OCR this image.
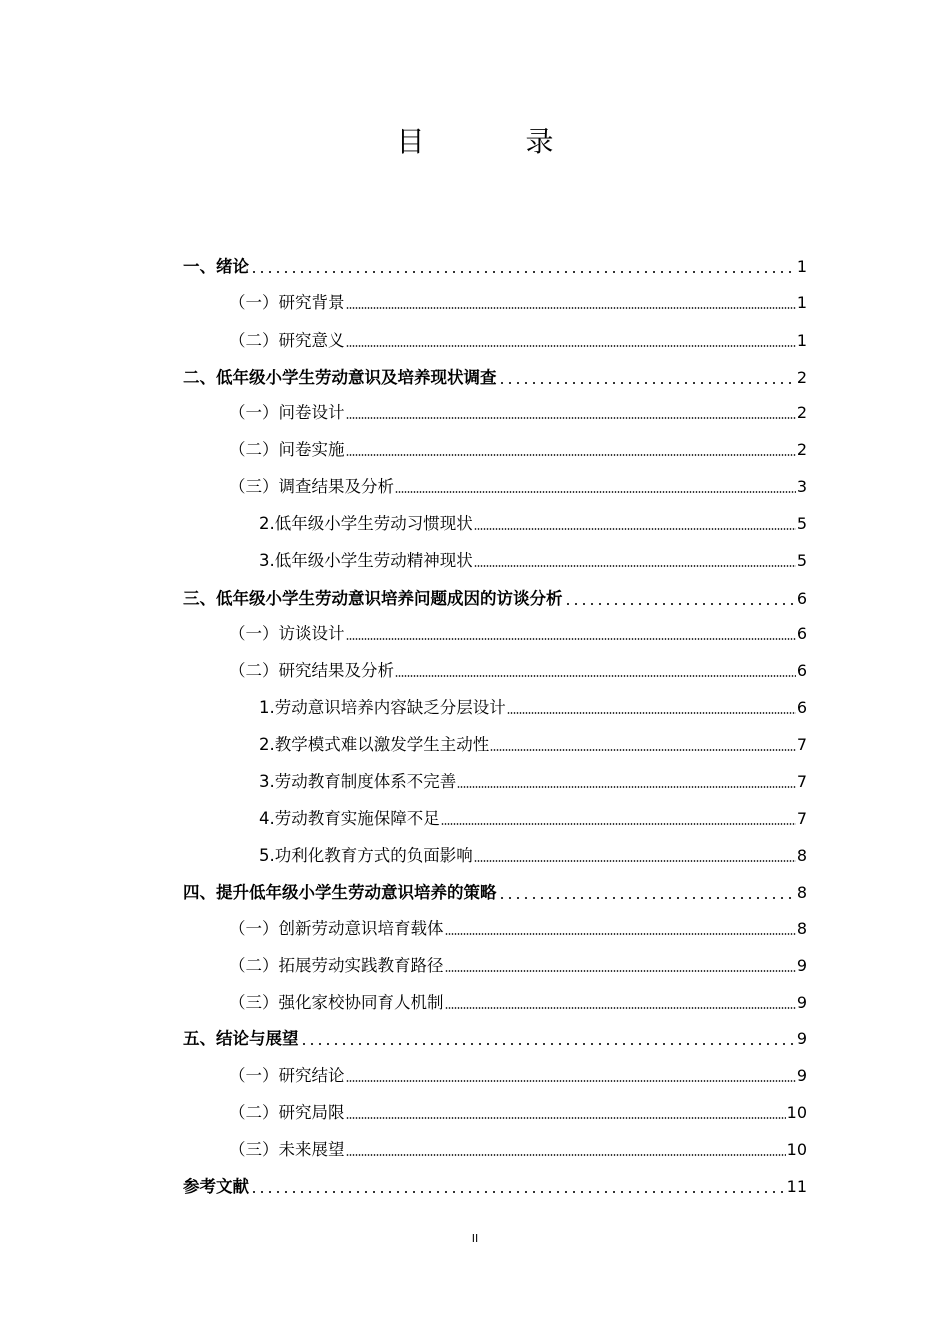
目 录
一、绪论	1
（一）研究背景	1
（二）研究意义	1
二、低年级小学生劳动意识及培养现状调查	2
（一）问卷设计	2
（二）问卷实施	2
（三）调查结果及分析	3
2.低年级小学生劳动习惯现状	5
3.低年级小学生劳动精神现状	5
三、低年级小学生劳动意识培养问题成因的访谈分析	6
（一）访谈设计	6
（二）研究结果及分析	6
1.劳动意识培养内容缺乏分层设计	6
2.教学模式难以激发学生主动性	7
3.劳动教育制度体系不完善	7
4.劳动教育实施保障不足	7
5.功利化教育方式的负面影响	8
四、提升低年级小学生劳动意识培养的策略	8
（一）创新劳动意识培育载体	8
（二）拓展劳动实践教育路径	9
（三）强化家校协同育人机制	9
五、结论与展望	9
（一）研究结论	9
（二）研究局限	10
（三）未来展望	10
参考文献	11
II
